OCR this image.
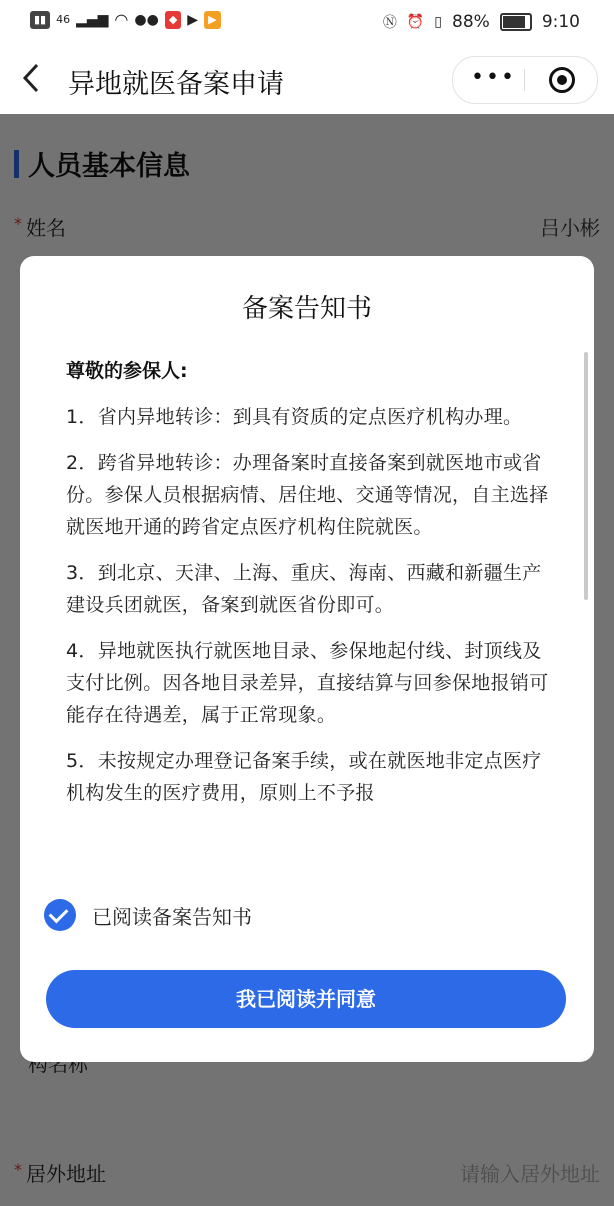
▮▮ 46 ▂▄▆ ◠ ●● ◆ ▶ ▶	Ⓝ ⏰ ▯ 88%	9:10
异地就医备案申请	•••
备案告知书
尊敬的参保人:

1．省内异地转诊：到具有资质的定点医疗机构办理。

2．跨省异地转诊：办理备案时直接备案到就医地市或省份。参保人员根据病情、居住地、交通等情况，自主选择就医地开通的跨省定点医疗机构住院就医。

3．到北京、天津、上海、重庆、海南、西藏和新疆生产建设兵团就医，备案到就医省份即可。

4．异地就医执行就医地目录、参保地起付线、封顶线及支付比例。因各地目录差异，直接结算与回参保地报销可能存在待遇差，属于正常现象。

5．未按规定办理登记备案手续，或在就医地非定点医疗机构发生的医疗费用，原则上不予报

已阅读备案告知书
我已阅读并同意
